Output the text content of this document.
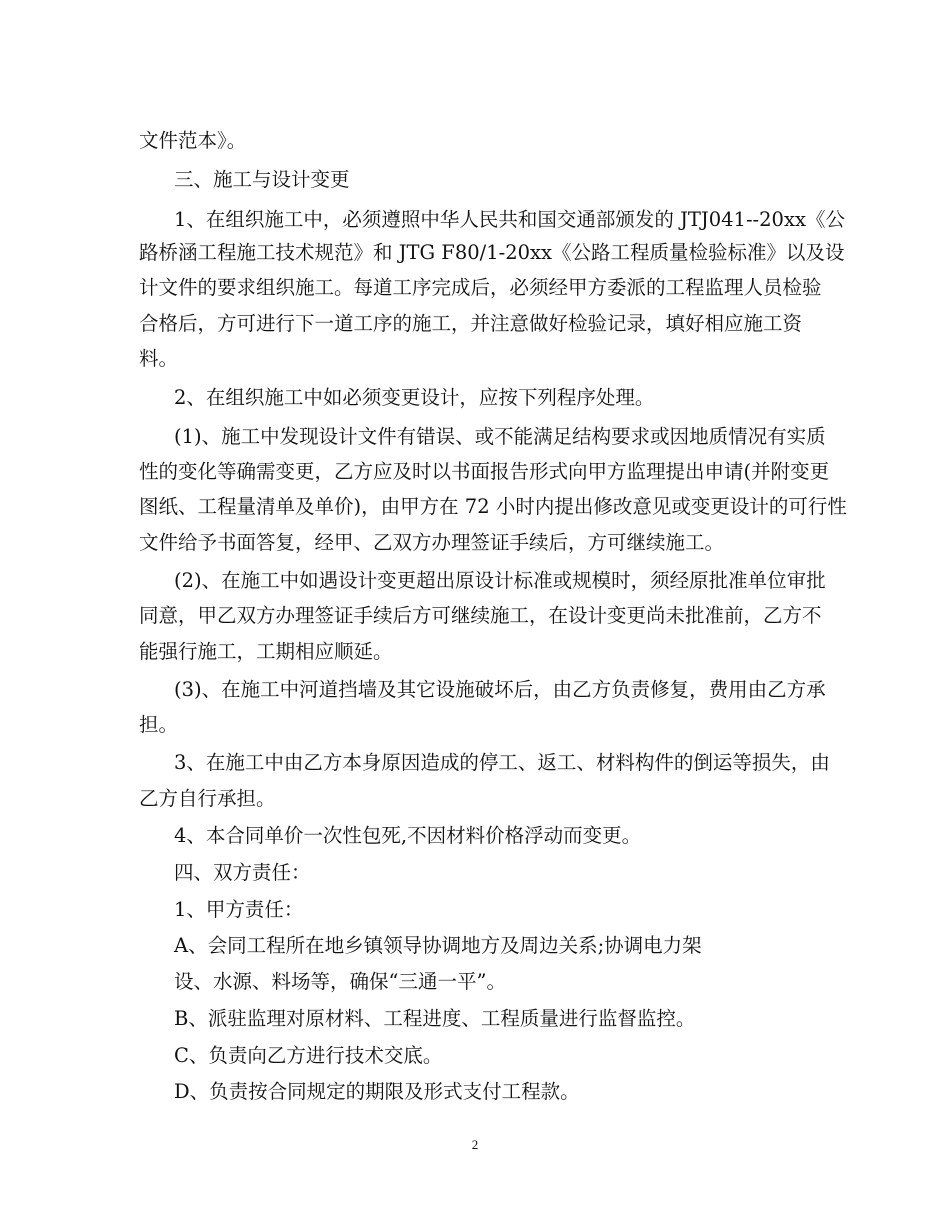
文件范本》。
三、施工与设计变更
1、在组织施工中，必须遵照中华人民共和国交通部颁发的 JTJ041--20xx《公
路桥涵工程施工技术规范》和 JTG F80/1-20xx《公路工程质量检验标准》以及设
计文件的要求组织施工。每道工序完成后，必须经甲方委派的工程监理人员检验
合格后，方可进行下一道工序的施工，并注意做好检验记录，填好相应施工资
料。
2、在组织施工中如必须变更设计，应按下列程序处理。
(1)、施工中发现设计文件有错误、或不能满足结构要求或因地质情况有实质
性的变化等确需变更，乙方应及时以书面报告形式向甲方监理提出申请(并附变更
图纸、工程量清单及单价)，由甲方在 72 小时内提出修改意见或变更设计的可行性
文件给予书面答复，经甲、乙双方办理签证手续后，方可继续施工。
(2)、在施工中如遇设计变更超出原设计标准或规模时，须经原批准单位审批
同意，甲乙双方办理签证手续后方可继续施工，在设计变更尚未批准前，乙方不
能强行施工，工期相应顺延。
(3)、在施工中河道挡墙及其它设施破坏后，由乙方负责修复，费用由乙方承
担。
3、在施工中由乙方本身原因造成的停工、返工、材料构件的倒运等损失，由
乙方自行承担。
4、本合同单价一次性包死,不因材料价格浮动而变更。
四、双方责任：
1、甲方责任：
A、会同工程所在地乡镇领导协调地方及周边关系;协调电力架
设、水源、料场等，确保“三通一平”。
B、派驻监理对原材料、工程进度、工程质量进行监督监控。
C、负责向乙方进行技术交底。
D、负责按合同规定的期限及形式支付工程款。
2
